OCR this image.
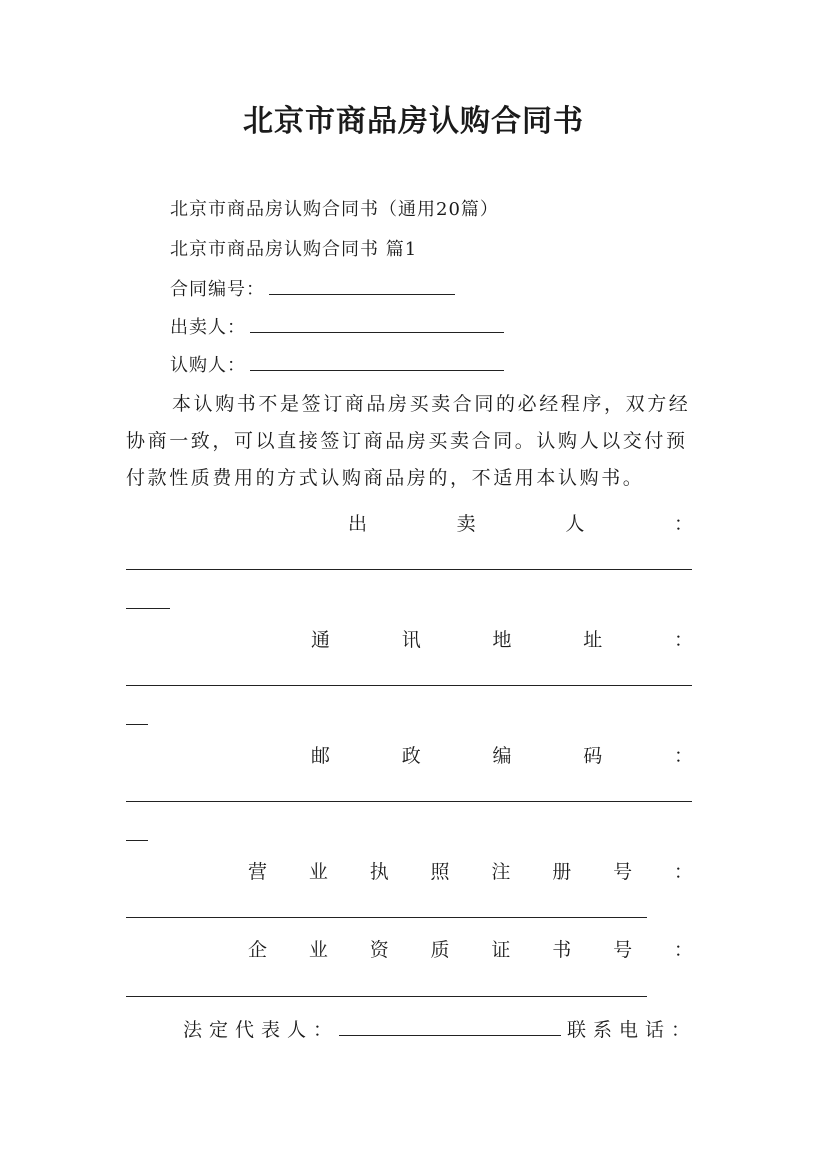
北京市商品房认购合同书
北京市商品房认购合同书（通用20篇）
北京市商品房认购合同书 篇1
合同编号：
出卖人：
认购人：
本认购书不是签订商品房买卖合同的必经程序，双方经协商一致，可以直接签订商品房买卖合同。认购人以交付预付款性质费用的方式认购商品房的，不适用本认购书。
出	卖	人	：
通	讯	地	址	：
邮	政	编	码	：
营 业 执 照 注 册 号 ：
企 业 资 质 证 书 号 ：
法定代表人：	联系电话：
